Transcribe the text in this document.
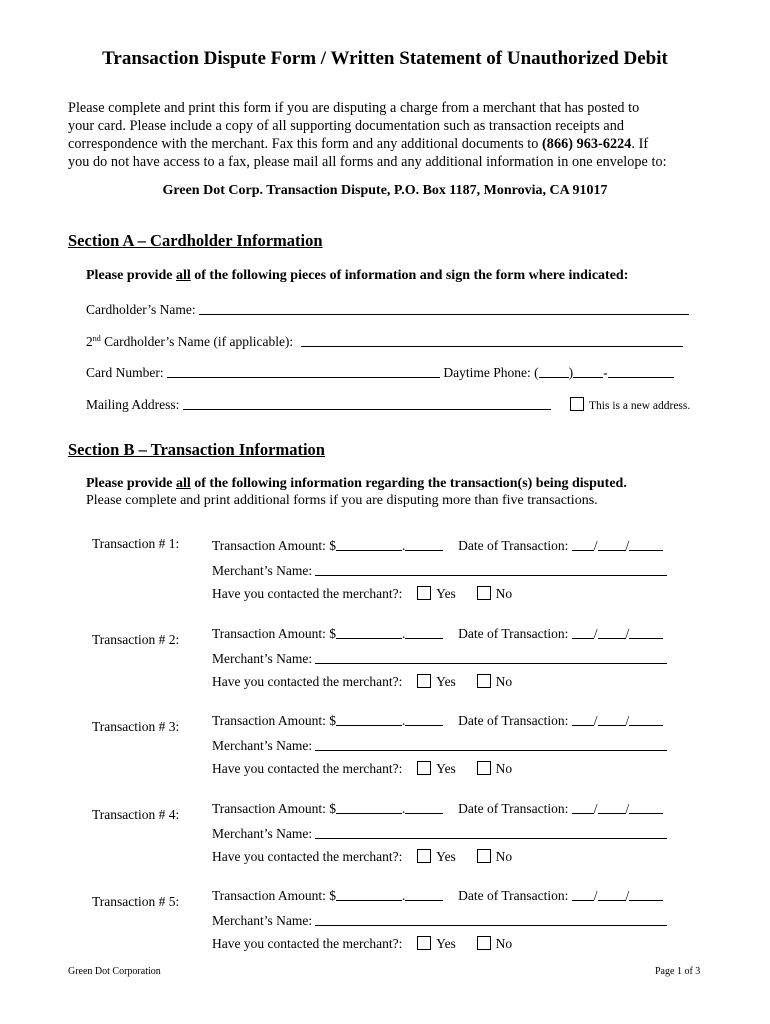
Transaction Dispute Form / Written Statement of Unauthorized Debit
Please complete and print this form if you are disputing a charge from a merchant that has posted to
your card. Please include a copy of all supporting documentation such as transaction receipts and
correspondence with the merchant. Fax this form and any additional documents to (866) 963-6224. If
you do not have access to a fax, please mail all forms and any additional information in one envelope to:
Green Dot Corp. Transaction Dispute, P.O. Box 1187, Monrovia, CA 91017
Section A – Cardholder Information
Please provide all of the following pieces of information and sign the form where indicated:
Cardholder’s Name:
2nd Cardholder’s Name (if applicable):
Card Number:	Daytime Phone: ( ) -
Mailing Address:	This is a new address.
Section B – Transaction Information
Please provide all of the following information regarding the transaction(s) being disputed.
Please complete and print additional forms if you are disputing more than five transactions.
Transaction # 1: Transaction Amount: $	.	Date of Transaction: / /
Merchant’s Name:
Have you contacted the merchant?:	Yes	No
Transaction # 2: Transaction Amount: $	.	Date of Transaction: / /
Merchant’s Name:
Have you contacted the merchant?:	Yes	No
Transaction # 3: Transaction Amount: $	.	Date of Transaction: / /
Merchant’s Name:
Have you contacted the merchant?:	Yes	No
Transaction # 4: Transaction Amount: $	.	Date of Transaction: / /
Merchant’s Name:
Have you contacted the merchant?:	Yes	No
Transaction # 5: Transaction Amount: $	.	Date of Transaction: / /
Merchant’s Name:
Have you contacted the merchant?:	Yes	No
Green Dot Corporation	Page 1 of 3
